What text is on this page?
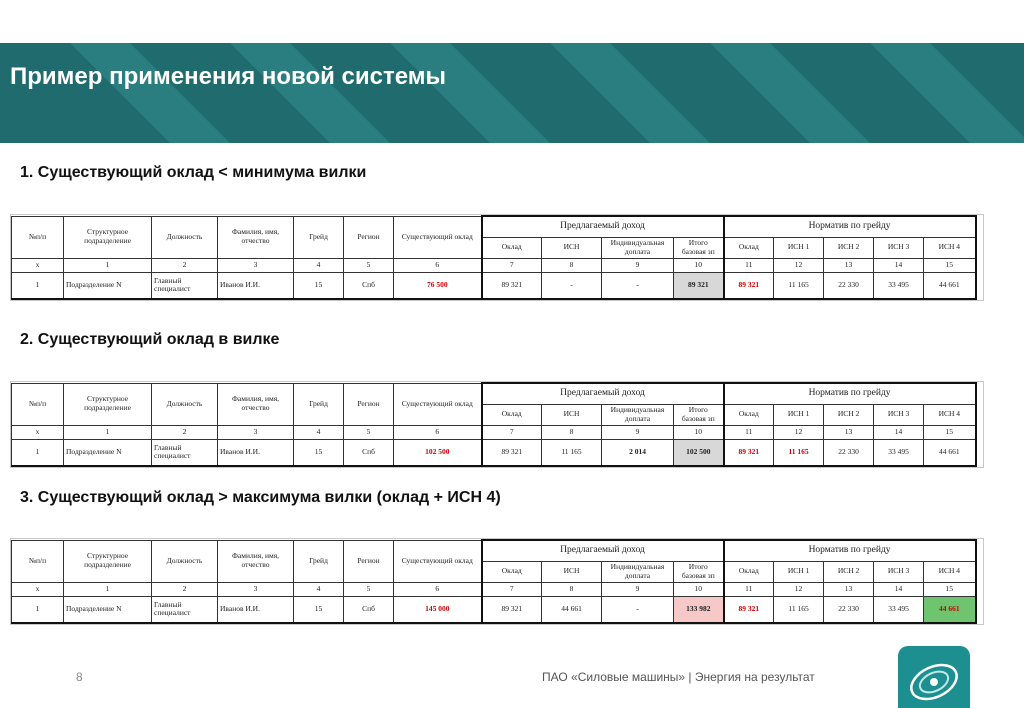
Пример применения новой системы
1. Существующий оклад < минимума вилки
№п/п	Структурное подразделение	Должность	Фамилия, имя, отчество	Грейд	Регион	Существующий оклад	Предлагаемый доход				Норматив по грейду				
							Оклад	ИСН	Индивидуальная доплата	Итого базовая зп	Оклад	ИСН 1	ИСН 2	ИСН 3	ИСН 4
х	1	2	3	4	5	6	7	8	9	10	11	12	13	14	15
1	Подразделение N	Главный специалист	Иванов И.И.	15	Спб	76 500	89 321	-	-	89 321	89 321	11 165	22 330	33 495	44 661
2. Существующий оклад в вилке
№п/п	Структурное подразделение	Должность	Фамилия, имя, отчество	Грейд	Регион	Существующий оклад	Предлагаемый доход				Норматив по грейду				
							Оклад	ИСН	Индивидуальная доплата	Итого базовая зп	Оклад	ИСН 1	ИСН 2	ИСН 3	ИСН 4
х	1	2	3	4	5	6	7	8	9	10	11	12	13	14	15
1	Подразделение N	Главный специалист	Иванов И.И.	15	Спб	102 500	89 321	11 165	2 014	102 500	89 321	11 165	22 330	33 495	44 661
3. Существующий оклад > максимума вилки (оклад + ИСН 4)
№п/п	Структурное подразделение	Должность	Фамилия, имя, отчество	Грейд	Регион	Существующий оклад	Предлагаемый доход				Норматив по грейду				
							Оклад	ИСН	Индивидуальная доплата	Итого базовая зп	Оклад	ИСН 1	ИСН 2	ИСН 3	ИСН 4
х	1	2	3	4	5	6	7	8	9	10	11	12	13	14	15
1	Подразделение N	Главный специалист	Иванов И.И.	15	Спб	145 000	89 321	44 661	-	133 982	89 321	11 165	22 330	33 495	44 661
8	ПАО «Силовые машины» | Энергия на результат
